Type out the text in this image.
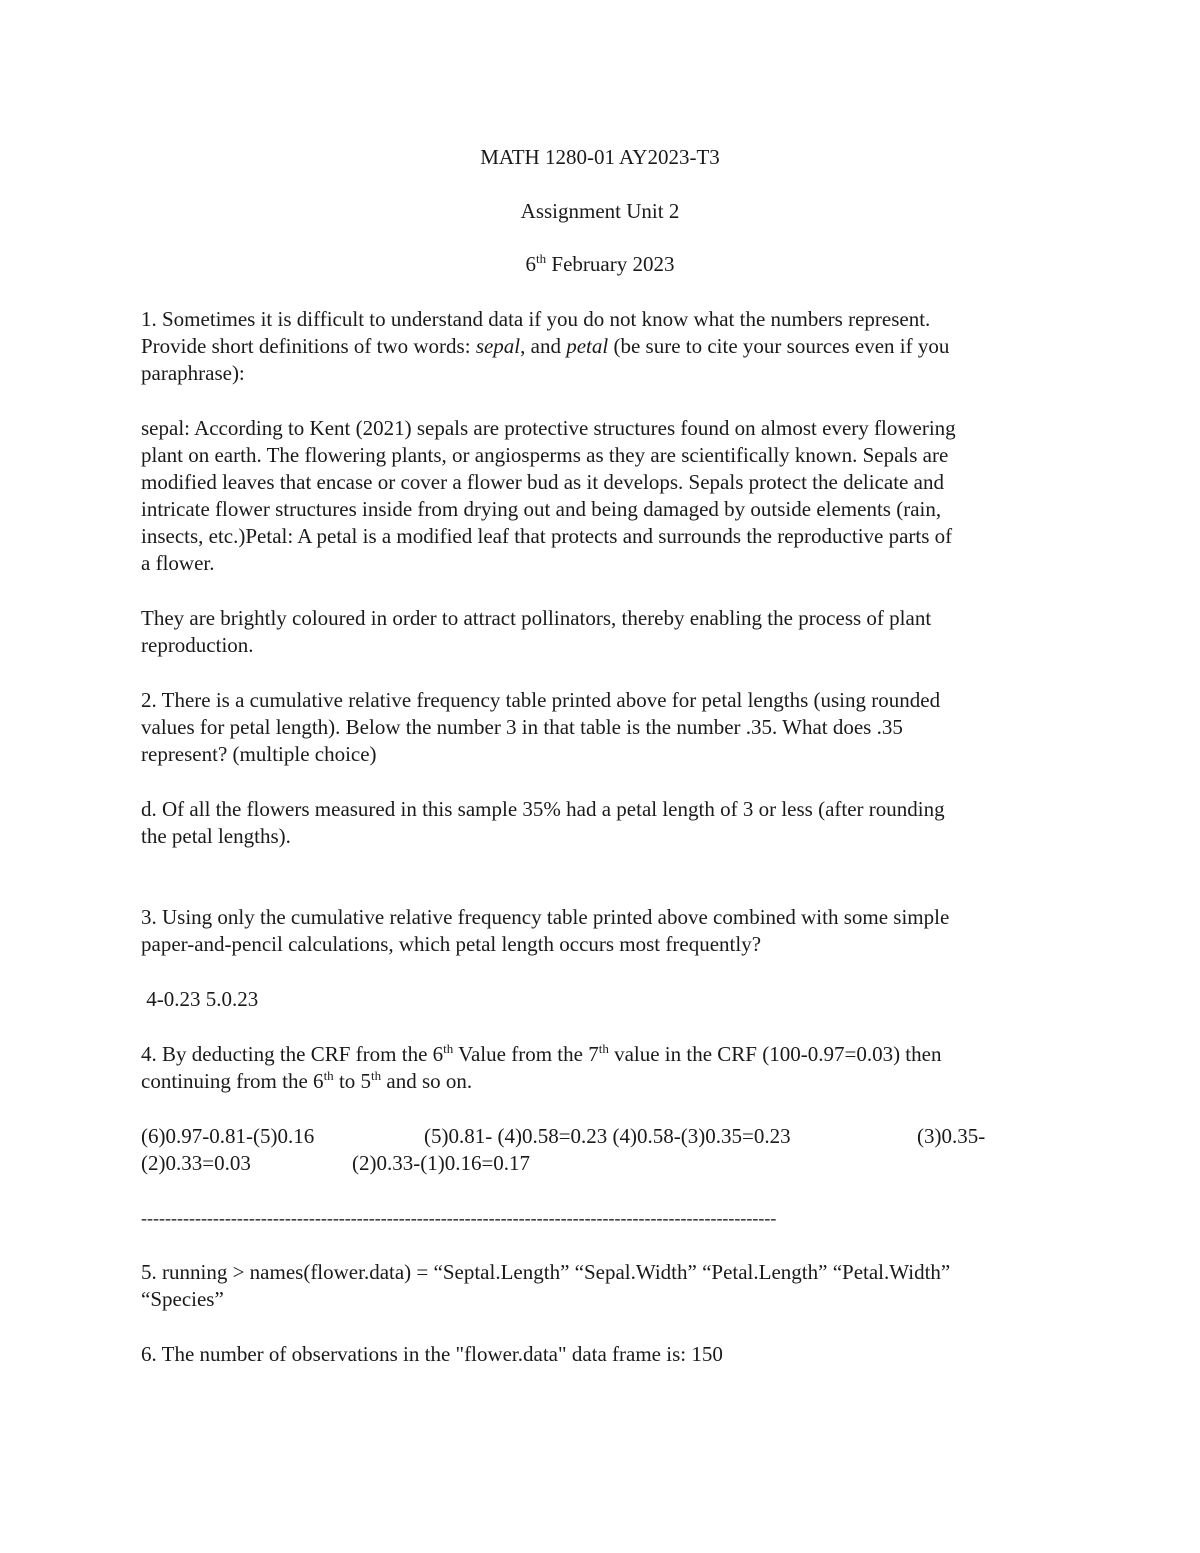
MATH 1280-01 AY2023-T3
Assignment Unit 2
6th February 2023
1. Sometimes it is difficult to understand data if you do not know what the numbers represent.
Provide short definitions of two words: sepal, and petal (be sure to cite your sources even if you
paraphrase):
sepal: According to Kent (2021) sepals are protective structures found on almost every flowering
plant on earth. The flowering plants, or angiosperms as they are scientifically known. Sepals are
modified leaves that encase or cover a flower bud as it develops. Sepals protect the delicate and
intricate flower structures inside from drying out and being damaged by outside elements (rain,
insects, etc.)Petal: A petal is a modified leaf that protects and surrounds the reproductive parts of
a flower.
They are brightly coloured in order to attract pollinators, thereby enabling the process of plant
reproduction.
2. There is a cumulative relative frequency table printed above for petal lengths (using rounded
values for petal length). Below the number 3 in that table is the number .35. What does .35
represent? (multiple choice)
d. Of all the flowers measured in this sample 35% had a petal length of 3 or less (after rounding
the petal lengths).
3. Using only the cumulative relative frequency table printed above combined with some simple
paper-and-pencil calculations, which petal length occurs most frequently?
4-0.23 5.0.23
4. By deducting the CRF from the 6th Value from the 7th value in the CRF (100-0.97=0.03) then
continuing from the 6th to 5th and so on.
(6)0.97-0.81-(5)0.16	(5)0.81- (4)0.58=0.23 (4)0.58-(3)0.35=0.23	(3)0.35-
(2)0.33=0.03	(2)0.33-(1)0.16=0.17
----------------------------------------------------------------------------------------------------------
5. running > names(flower.data) = “Septal.Length” “Sepal.Width” “Petal.Length” “Petal.Width”
“Species”
6. The number of observations in the "flower.data" data frame is: 150
